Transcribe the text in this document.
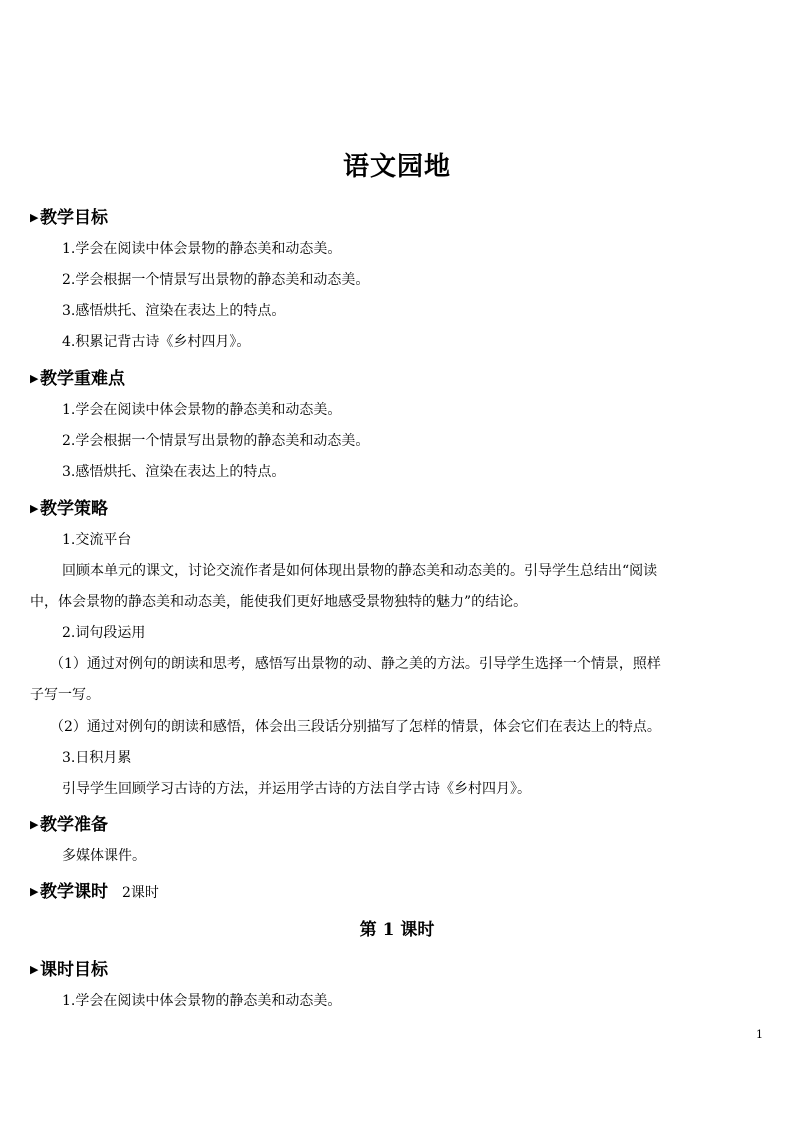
语文园地
▶教学目标
1.学会在阅读中体会景物的静态美和动态美。
2.学会根据一个情景写出景物的静态美和动态美。
3.感悟烘托、渲染在表达上的特点。
4.积累记背古诗《乡村四月》。
▶教学重难点
1.学会在阅读中体会景物的静态美和动态美。
2.学会根据一个情景写出景物的静态美和动态美。
3.感悟烘托、渲染在表达上的特点。
▶教学策略
1.交流平台
回顾本单元的课文，讨论交流作者是如何体现出景物的静态美和动态美的。引导学生总结出“阅读
中，体会景物的静态美和动态美，能使我们更好地感受景物独特的魅力”的结论。
2.词句段运用
（1）通过对例句的朗读和思考，感悟写出景物的动、静之美的方法。引导学生选择一个情景，照样
子写一写。
（2）通过对例句的朗读和感悟，体会出三段话分别描写了怎样的情景，体会它们在表达上的特点。
3.日积月累
引导学生回顾学习古诗的方法，并运用学古诗的方法自学古诗《乡村四月》。
▶教学准备
多媒体课件。
▶教学课时 2课时
第 1 课时
▶课时目标
1.学会在阅读中体会景物的静态美和动态美。
1
